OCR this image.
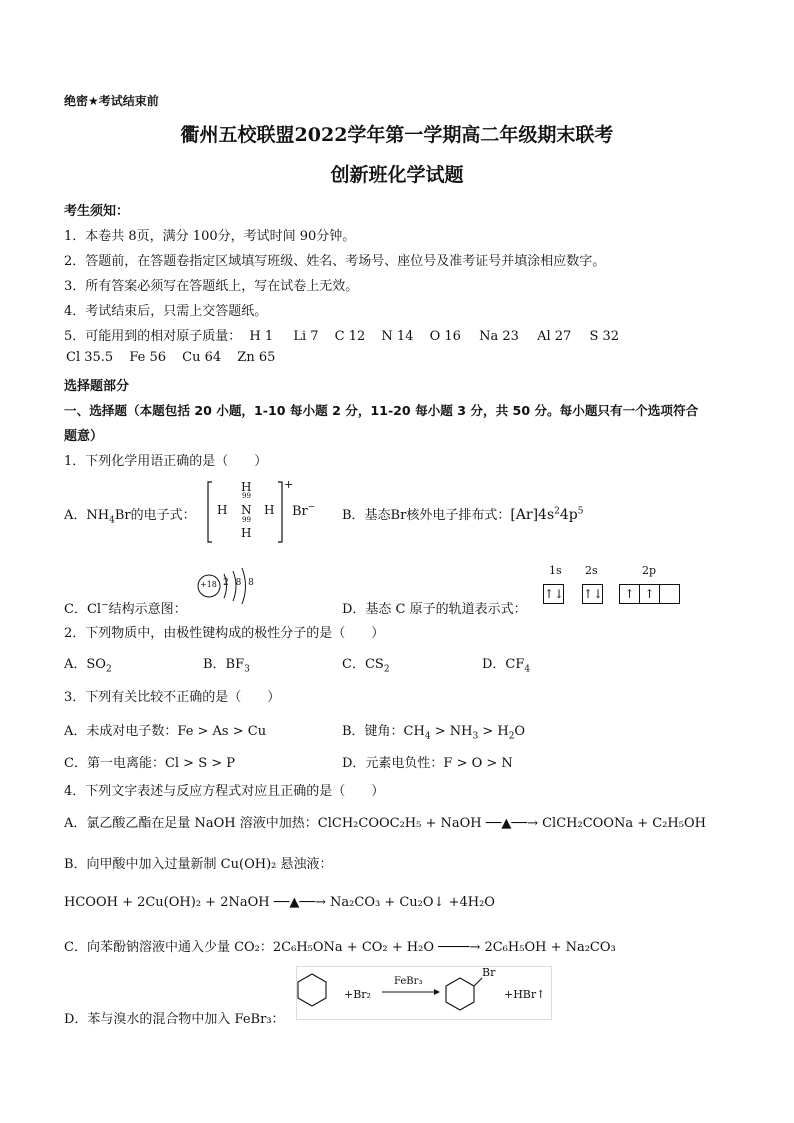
绝密★考试结束前
衢州五校联盟2022学年第一学期高二年级期末联考
创新班化学试题
考生须知：
1．本卷共 8页，满分 100分，考试时间 90分钟。
2．答题前，在答题卷指定区域填写班级、姓名、考场号、座位号及准考证号并填涂相应数字。
3．所有答案必须写在答题纸上，写在试卷上无效。
4．考试结束后，只需上交答题纸。
5．可能用到的相对原子质量： H 1 Li 7 C 12 N 14 O 16 Na 23 Al 27 S 32
Cl 35.5 Fe 56 Cu 64 Zn 65
选择题部分
一、选择题（本题包括 20 小题，1-10 每小题 2 分，11-20 每小题 3 分，共 50 分。每小题只有一个选项符合
题意）
1．下列化学用语正确的是（　　）
A．$NH_4Br$的电子式：
H
99
H N H
99
H
+
Br−
B．基态Br核外电子排布式：$[Ar]4s^24p^5$
C．Cl−结构示意图：
+18 2 8 8
D．基态 C 原子的轨道表示式：
1s 2s	2p
↑↓ ↑↓	↑ ↑
2．下列物质中，由极性键构成的极性分子的是（　　）
A．$SO_2$	B．$BF_3$	C．$CS_2$	D．$CF_4$
3．下列有关比较不正确的是（　　）
A．未成对电子数：Fe > As > Cu	B．键角：$CH_4 > NH_3 > H_2O$
C．第一电离能：Cl > S > P	D．元素电负性：F > O > N
4．下列文字表述与反应方程式对应且正确的是（　　）
A．氯乙酸乙酯在足量 NaOH 溶液中加热：ClCH₂COOC₂H₅ + NaOH ──▲──→ ClCH₂COONa + C₂H₅OH
B．向甲酸中加入过量新制 Cu(OH)₂ 悬浊液：
HCOOH + 2Cu(OH)₂ + 2NaOH ──▲──→ Na₂CO₃ + Cu₂O↓ +4H₂O
C．向苯酚钠溶液中通入少量 CO₂：2C₆H₅ONa + CO₂ + H₂O ────→ 2C₆H₅OH + Na₂CO₃
D．苯与溴水的混合物中加入 FeBr₃：
+Br₂
FeBr₃
Br
+HBr↑
